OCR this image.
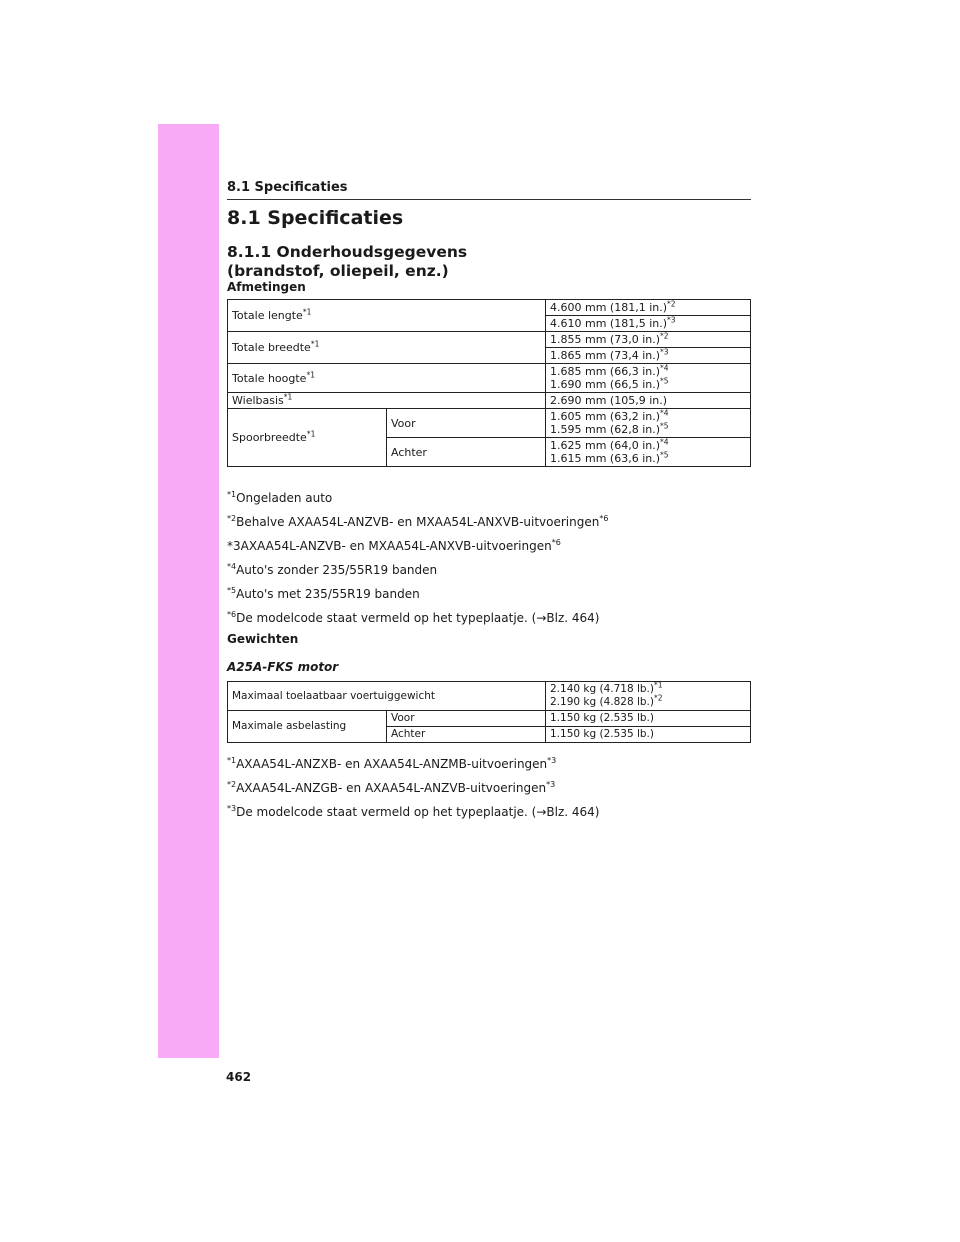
8.1 Specificaties
8.1 Specificaties
8.1.1 Onderhoudsgegevens
(brandstof, oliepeil, enz.)
Afmetingen
Totale lengte$^{*1}$		4.600 mm (181,1 in.)$^{*2}$
		4.610 mm (181,5 in.)$^{*3}$
Totale breedte$^{*1}$		1.855 mm (73,0 in.)$^{*2}$
		1.865 mm (73,4 in.)$^{*3}$
Totale hoogte$^{*1}$		1.685 mm (66,3 in.)$^{*4}$
1.690 mm (66,5 in.)$^{*5}$

Wielbasis$^{*1}$		2.690 mm (105,9 in.)
Spoorbreedte$^{*1}$	Voor	1.605 mm (63,2 in.)$^{*4}$
1.595 mm (62,8 in.)$^{*5}$

	Achter	1.625 mm (64,0 in.)$^{*4}$
1.615 mm (63,6 in.)$^{*5}$
$^{*1}$Ongeladen auto
$^{*2}$Behalve AXAA54L-ANZVB- en MXAA54L-ANXVB-uitvoeringen$^{*6}$
*3AXAA54L-ANZVB- en MXAA54L-ANXVB-uitvoeringen$^{*6}$
$^{*4}$Auto's zonder 235/55R19 banden
$^{*5}$Auto's met 235/55R19 banden
$^{*6}$De modelcode staat vermeld op het typeplaatje. (→Blz. 464)
Gewichten
A25A-FKS motor
Maximaal toelaatbaar voertuiggewicht		2.140 kg (4.718 lb.)$^{*1}$
2.190 kg (4.828 lb.)$^{*2}$

Maximale asbelasting	Voor	1.150 kg (2.535 lb.)
	Achter	1.150 kg (2.535 lb.)
$^{*1}$AXAA54L-ANZXB- en AXAA54L-ANZMB-uitvoeringen$^{*3}$
$^{*2}$AXAA54L-ANZGB- en AXAA54L-ANZVB-uitvoeringen$^{*3}$
$^{*3}$De modelcode staat vermeld op het typeplaatje. (→Blz. 464)
462
